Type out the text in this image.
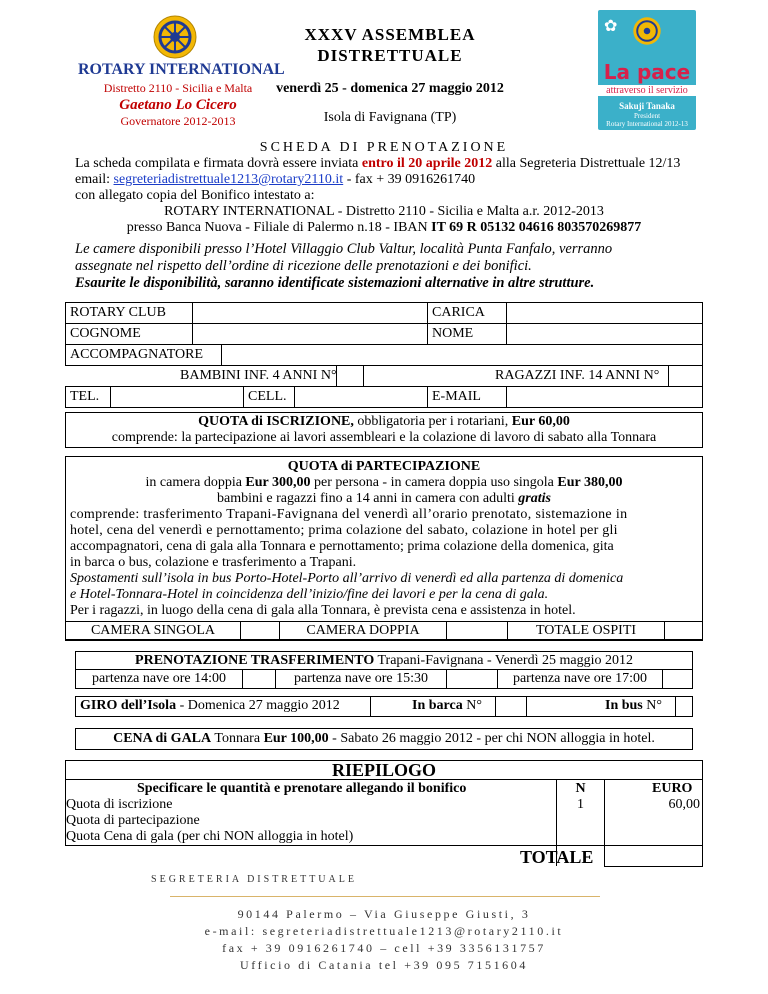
ROTARY INTERNATIONAL
Distretto 2110 - Sicilia e Malta
Gaetano Lo Cicero
Governatore 2012-2013
XXXV ASSEMBLEA
DISTRETTUALE
venerdì 25 - domenica 27 maggio 2012
Isola di Favignana (TP)
✿
La pace
attraverso il servizio
Sakuji Tanaka
President
Rotary International 2012-13
SCHEDA DI PRENOTAZIONE
La scheda compilata e firmata dovrà essere inviata entro il 20 aprile 2012 alla Segreteria Distrettuale 12/13
email: segreteriadistrettuale1213@rotary2110.it - fax + 39 0916261740
con allegato copia del Bonifico intestato a:
ROTARY INTERNATIONAL - Distretto 2110 - Sicilia e Malta a.r. 2012-2013
presso Banca Nuova - Filiale di Palermo n.18 - IBAN IT 69 R 05132 04616 803570269877
Le camere disponibili presso l’Hotel Villaggio Club Valtur, località Punta Fanfalo, verranno
assegnate nel rispetto dell’ordine di ricezione delle prenotazioni e dei bonifici.
Esaurite le disponibilità, saranno identificate sistemazioni alternative in altre strutture.
ROTARY CLUB	CARICA
COGNOME	NOME
ACCOMPAGNATORE
BAMBINI INF. 4 ANNI N°	RAGAZZI INF. 14 ANNI N°
TEL.	CELL.	E-MAIL
QUOTA di ISCRIZIONE, obbligatoria per i rotariani, Eur 60,00
comprende: la partecipazione ai lavori assembleari e la colazione di lavoro di sabato alla Tonnara
QUOTA di PARTECIPAZIONE
in camera doppia Eur 300,00 per persona - in camera doppia uso singola Eur 380,00
bambini e ragazzi fino a 14 anni in camera con adulti gratis
comprende: trasferimento Trapani-Favignana del venerdì all’orario prenotato, sistemazione in
hotel, cena del venerdì e pernottamento; prima colazione del sabato, colazione in hotel per gli
accompagnatori, cena di gala alla Tonnara e pernottamento; prima colazione della domenica, gita
in barca o bus, colazione e trasferimento a Trapani.
Spostamenti sull’isola in bus Porto-Hotel-Porto all’arrivo di venerdì ed alla partenza di domenica
e Hotel-Tonnara-Hotel in coincidenza dell’inizio/fine dei lavori e per la cena di gala.
Per i ragazzi, in luogo della cena di gala alla Tonnara, è prevista cena e assistenza in hotel.
CAMERA SINGOLA	CAMERA DOPPIA	TOTALE OSPITI
PRENOTAZIONE TRASFERIMENTO Trapani-Favignana - Venerdì 25 maggio 2012
partenza nave ore 14:00	partenza nave ore 15:30	partenza nave ore 17:00
GIRO dell’Isola - Domenica 27 maggio 2012	In barca N°	In bus N°
CENA di GALA Tonnara Eur 100,00 - Sabato 26 maggio 2012 - per chi NON alloggia in hotel.
RIEPILOGO
Specificare le quantità e prenotare allegando il bonifico	N	EURO
Quota di iscrizione	1	60,00
Quota di partecipazione
Quota Cena di gala (per chi NON alloggia in hotel)
TOTALE
SEGRETERIA DISTRETTUALE
90144 Palermo – Via Giuseppe Giusti, 3
e-mail: segreteriadistrettuale1213@rotary2110.it
fax + 39 0916261740 – cell +39 3356131757
Ufficio di Catania tel +39 095 7151604
